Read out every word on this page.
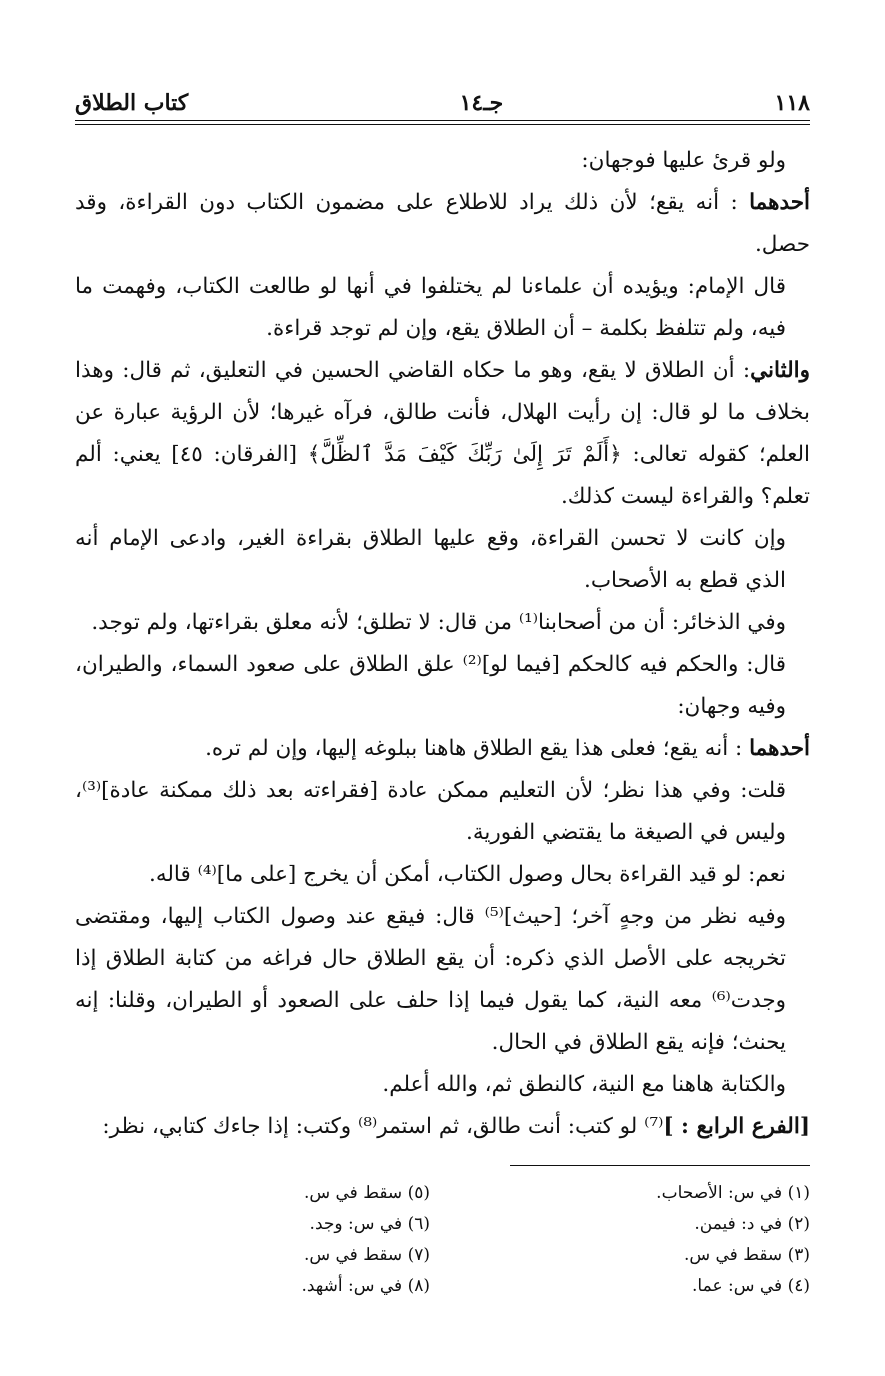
١١٨
جـ١٤
كتاب الطلاق

ولو قرئ عليها فوجهان:

أحدهما : أنه يقع؛ لأن ذلك يراد للاطلاع على مضمون الكتاب دون القراءة، وقد حصل.

قال الإمام: ويؤيده أن علماءنا لم يختلفوا في أنها لو طالعت الكتاب، وفهمت ما فيه، ولم تتلفظ بكلمة – أن الطلاق يقع، وإن لم توجد قراءة.

والثاني: أن الطلاق لا يقع، وهو ما حكاه القاضي الحسين في التعليق، ثم قال: وهذا بخلاف ما لو قال: إن رأيت الهلال، فأنت طالق، فرآه غيرها؛ لأن الرؤية عبارة عن العلم؛ كقوله تعالى: ﴿أَلَمْ تَرَ إِلَىٰ رَبِّكَ كَيْفَ مَدَّ ٱلظِّلَّ﴾ [الفرقان: ٤٥] يعني: ألم تعلم؟ والقراءة ليست كذلك.

وإن كانت لا تحسن القراءة، وقع عليها الطلاق بقراءة الغير، وادعى الإمام أنه الذي قطع به الأصحاب.

وفي الذخائر: أن من أصحابنا⁽¹⁾ من قال: لا تطلق؛ لأنه معلق بقراءتها، ولم توجد.

قال: والحكم فيه كالحكم [فيما لو]⁽²⁾ علق الطلاق على صعود السماء، والطيران، وفيه وجهان:

أحدهما : أنه يقع؛ فعلى هذا يقع الطلاق هاهنا ببلوغه إليها، وإن لم تره.

قلت: وفي هذا نظر؛ لأن التعليم ممكن عادة [فقراءته بعد ذلك ممكنة عادة]⁽³⁾، وليس في الصيغة ما يقتضي الفورية.

نعم: لو قيد القراءة بحال وصول الكتاب، أمكن أن يخرج [على ما]⁽⁴⁾ قاله.

وفيه نظر من وجهٍ آخر؛ [حيث]⁽⁵⁾ قال: فيقع عند وصول الكتاب إليها، ومقتضى تخريجه على الأصل الذي ذكره: أن يقع الطلاق حال فراغه من كتابة الطلاق إذا وجدت⁽⁶⁾ معه النية، كما يقول فيما إذا حلف على الصعود أو الطيران، وقلنا: إنه يحنث؛ فإنه يقع الطلاق في الحال.

والكتابة هاهنا مع النية، كالنطق ثم، والله أعلم.

[الفرع الرابع : ]⁽⁷⁾ لو كتب: أنت طالق، ثم استمر⁽⁸⁾ وكتب: إذا جاءك كتابي، نظر:

(١) في س: الأصحاب.
(٢) في د: فيمن.
(٣) سقط في س.
(٤) في س: عما.
(٥) سقط في س.
(٦) في س: وجد.
(٧) سقط في س.
(٨) في س: أشهد.
